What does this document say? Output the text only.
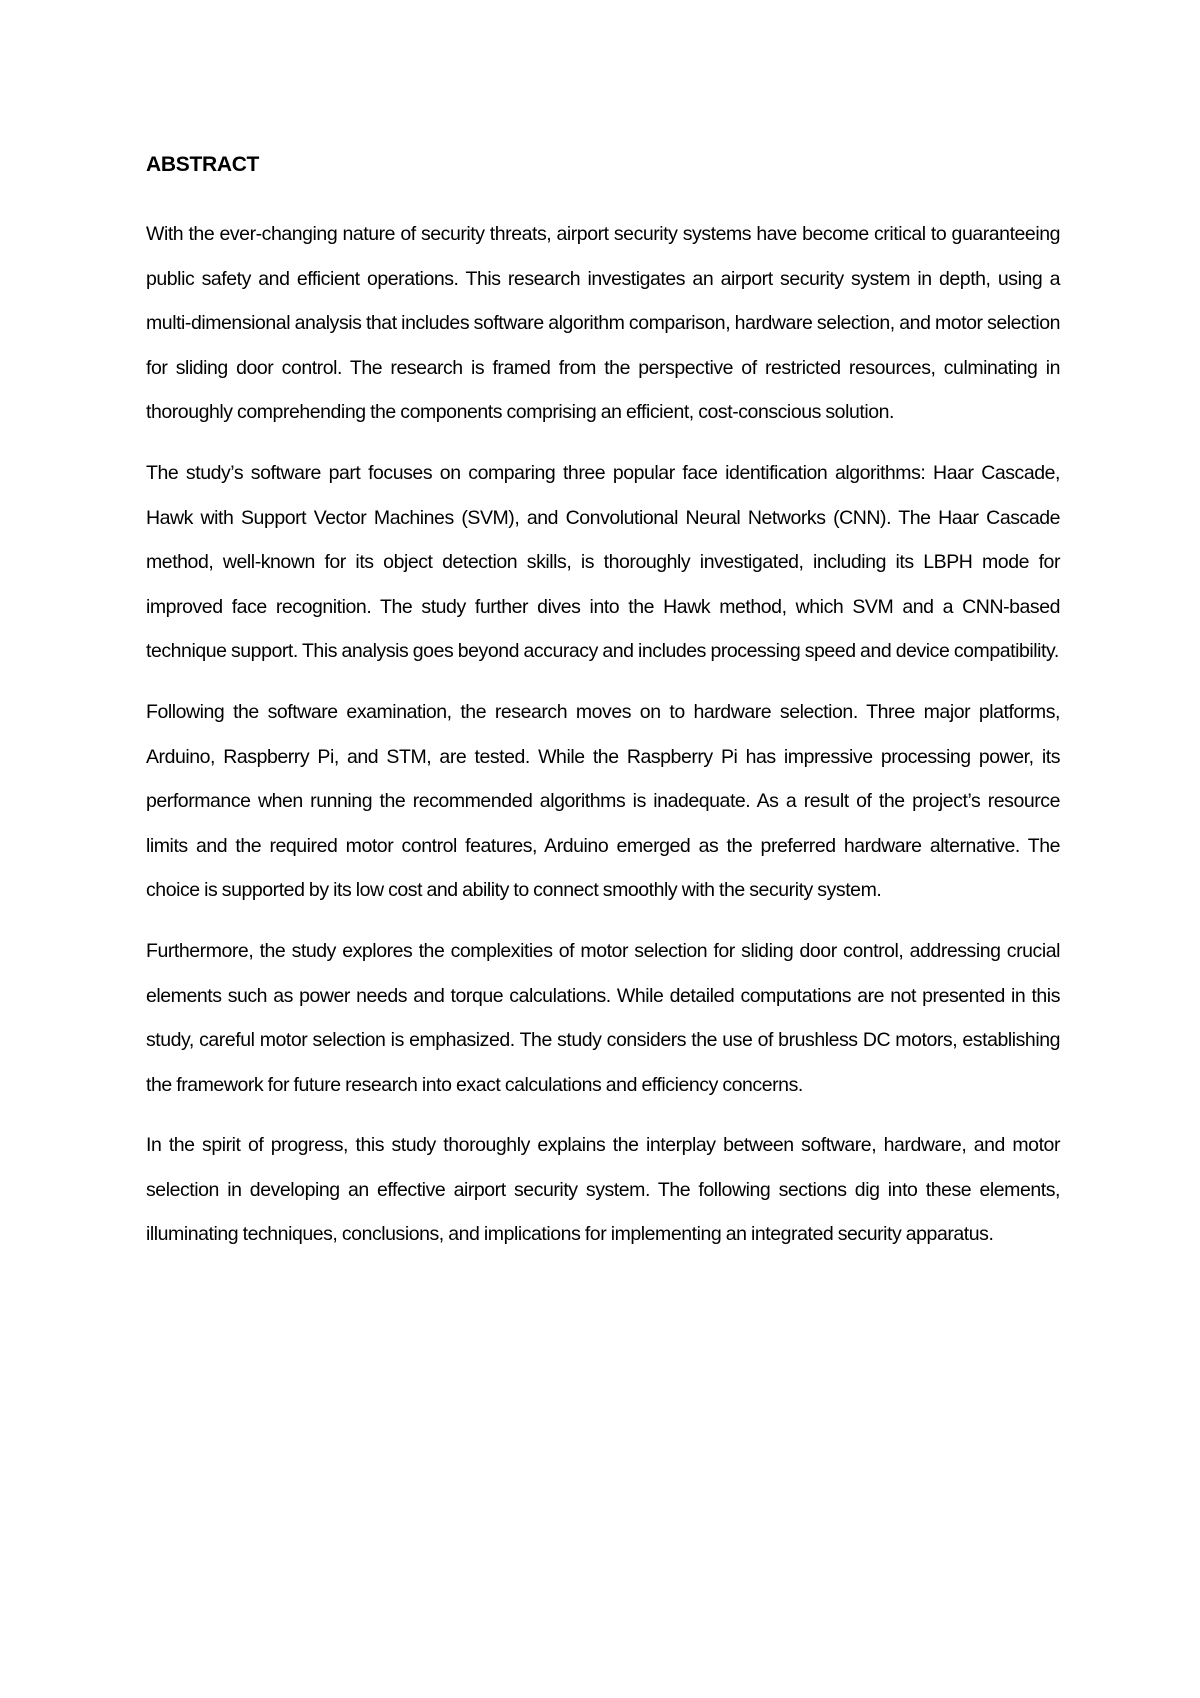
ABSTRACT

With the ever-changing nature of security threats, airport security systems have become critical to guaranteeing public safety and efficient operations. This research investigates an airport security system in depth, using a multi-dimensional analysis that includes software algorithm comparison, hardware selection, and motor selection for sliding door control. The research is framed from the perspective of restricted resources, culminating in thoroughly comprehending the components comprising an efficient, cost-conscious solution.

The study’s software part focuses on comparing three popular face identification algorithms: Haar Cascade, Hawk with Support Vector Machines (SVM), and Convolutional Neural Networks (CNN). The Haar Cascade method, well-known for its object detection skills, is thoroughly investigated, including its LBPH mode for improved face recognition. The study further dives into the Hawk method, which SVM and a CNN-based technique support. This analysis goes beyond accuracy and includes processing speed and device compatibility.

Following the software examination, the research moves on to hardware selection. Three major platforms, Arduino, Raspberry Pi, and STM, are tested. While the Raspberry Pi has impressive processing power, its performance when running the recommended algorithms is inadequate. As a result of the project’s resource limits and the required motor control features, Arduino emerged as the preferred hardware alternative. The choice is supported by its low cost and ability to connect smoothly with the security system.

Furthermore, the study explores the complexities of motor selection for sliding door control, addressing crucial elements such as power needs and torque calculations. While detailed computations are not presented in this study, careful motor selection is emphasized. The study considers the use of brushless DC motors, establishing the framework for future research into exact calculations and efficiency concerns.

In the spirit of progress, this study thoroughly explains the interplay between software, hardware, and motor selection in developing an effective airport security system. The following sections dig into these elements, illuminating techniques, conclusions, and implications for implementing an integrated security apparatus.
